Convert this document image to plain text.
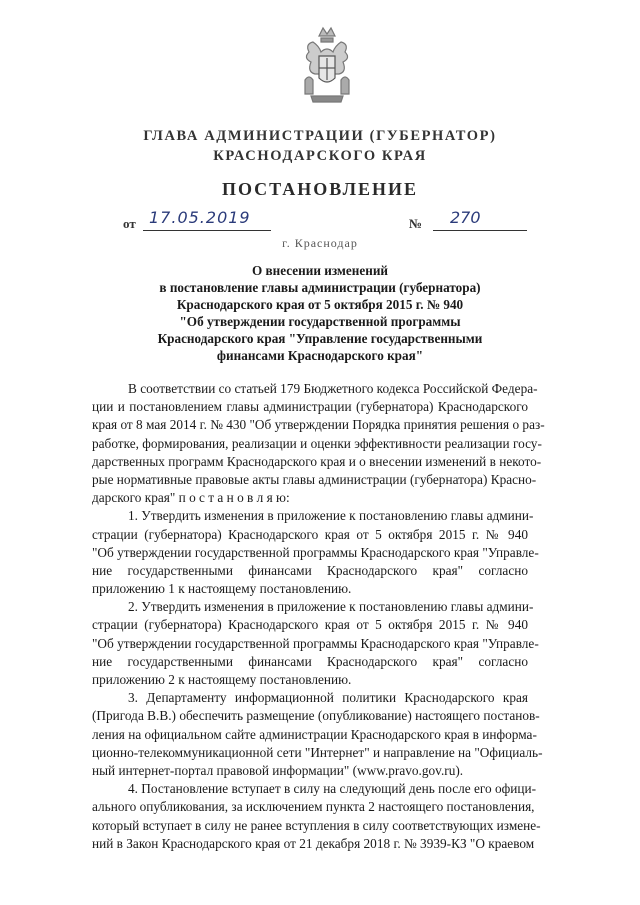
ГЛАВА АДМИНИСТРАЦИИ (ГУБЕРНАТОР)
КРАСНОДАРСКОГО КРАЯ
ПОСТАНОВЛЕНИЕ
от 17.05.2019	№ 270
г. Краснодар
О внесении изменений
в постановление главы администрации (губернатора)
Краснодарского края от 5 октября 2015 г. № 940
"Об утверждении государственной программы
Краснодарского края "Управление государственными
финансами Краснодарского края"
В соответствии со статьей 179 Бюджетного кодекса Российской Федера-
ции и постановлением главы администрации (губернатора) Краснодарского
края от 8 мая 2014 г. № 430 "Об утверждении Порядка принятия решения о раз-
работке, формирования, реализации и оценки эффективности реализации госу-
дарственных программ Краснодарского края и о внесении изменений в некото-
рые нормативные правовые акты главы администрации (губернатора) Красно-
дарского края" п о с т а н о в л я ю:
1. Утвердить изменения в приложение к постановлению главы админи-
страции (губернатора) Краснодарского края от 5 октября 2015 г. № 940
"Об утверждении государственной программы Краснодарского края "Управле-
ние государственными финансами Краснодарского края" согласно
приложению 1 к настоящему постановлению.
2. Утвердить изменения в приложение к постановлению главы админи-
страции (губернатора) Краснодарского края от 5 октября 2015 г. № 940
"Об утверждении государственной программы Краснодарского края "Управле-
ние государственными финансами Краснодарского края" согласно
приложению 2 к настоящему постановлению.
3. Департаменту информационной политики Краснодарского края
(Пригода В.В.) обеспечить размещение (опубликование) настоящего постанов-
ления на официальном сайте администрации Краснодарского края в информа-
ционно-телекоммуникационной сети "Интернет" и направление на "Официаль-
ный интернет-портал правовой информации" (www.pravo.gov.ru).
4. Постановление вступает в силу на следующий день после его офици-
ального опубликования, за исключением пункта 2 настоящего постановления,
который вступает в силу не ранее вступления в силу соответствующих измене-
ний в Закон Краснодарского края от 21 декабря 2018 г. № 3939-КЗ "О краевом
